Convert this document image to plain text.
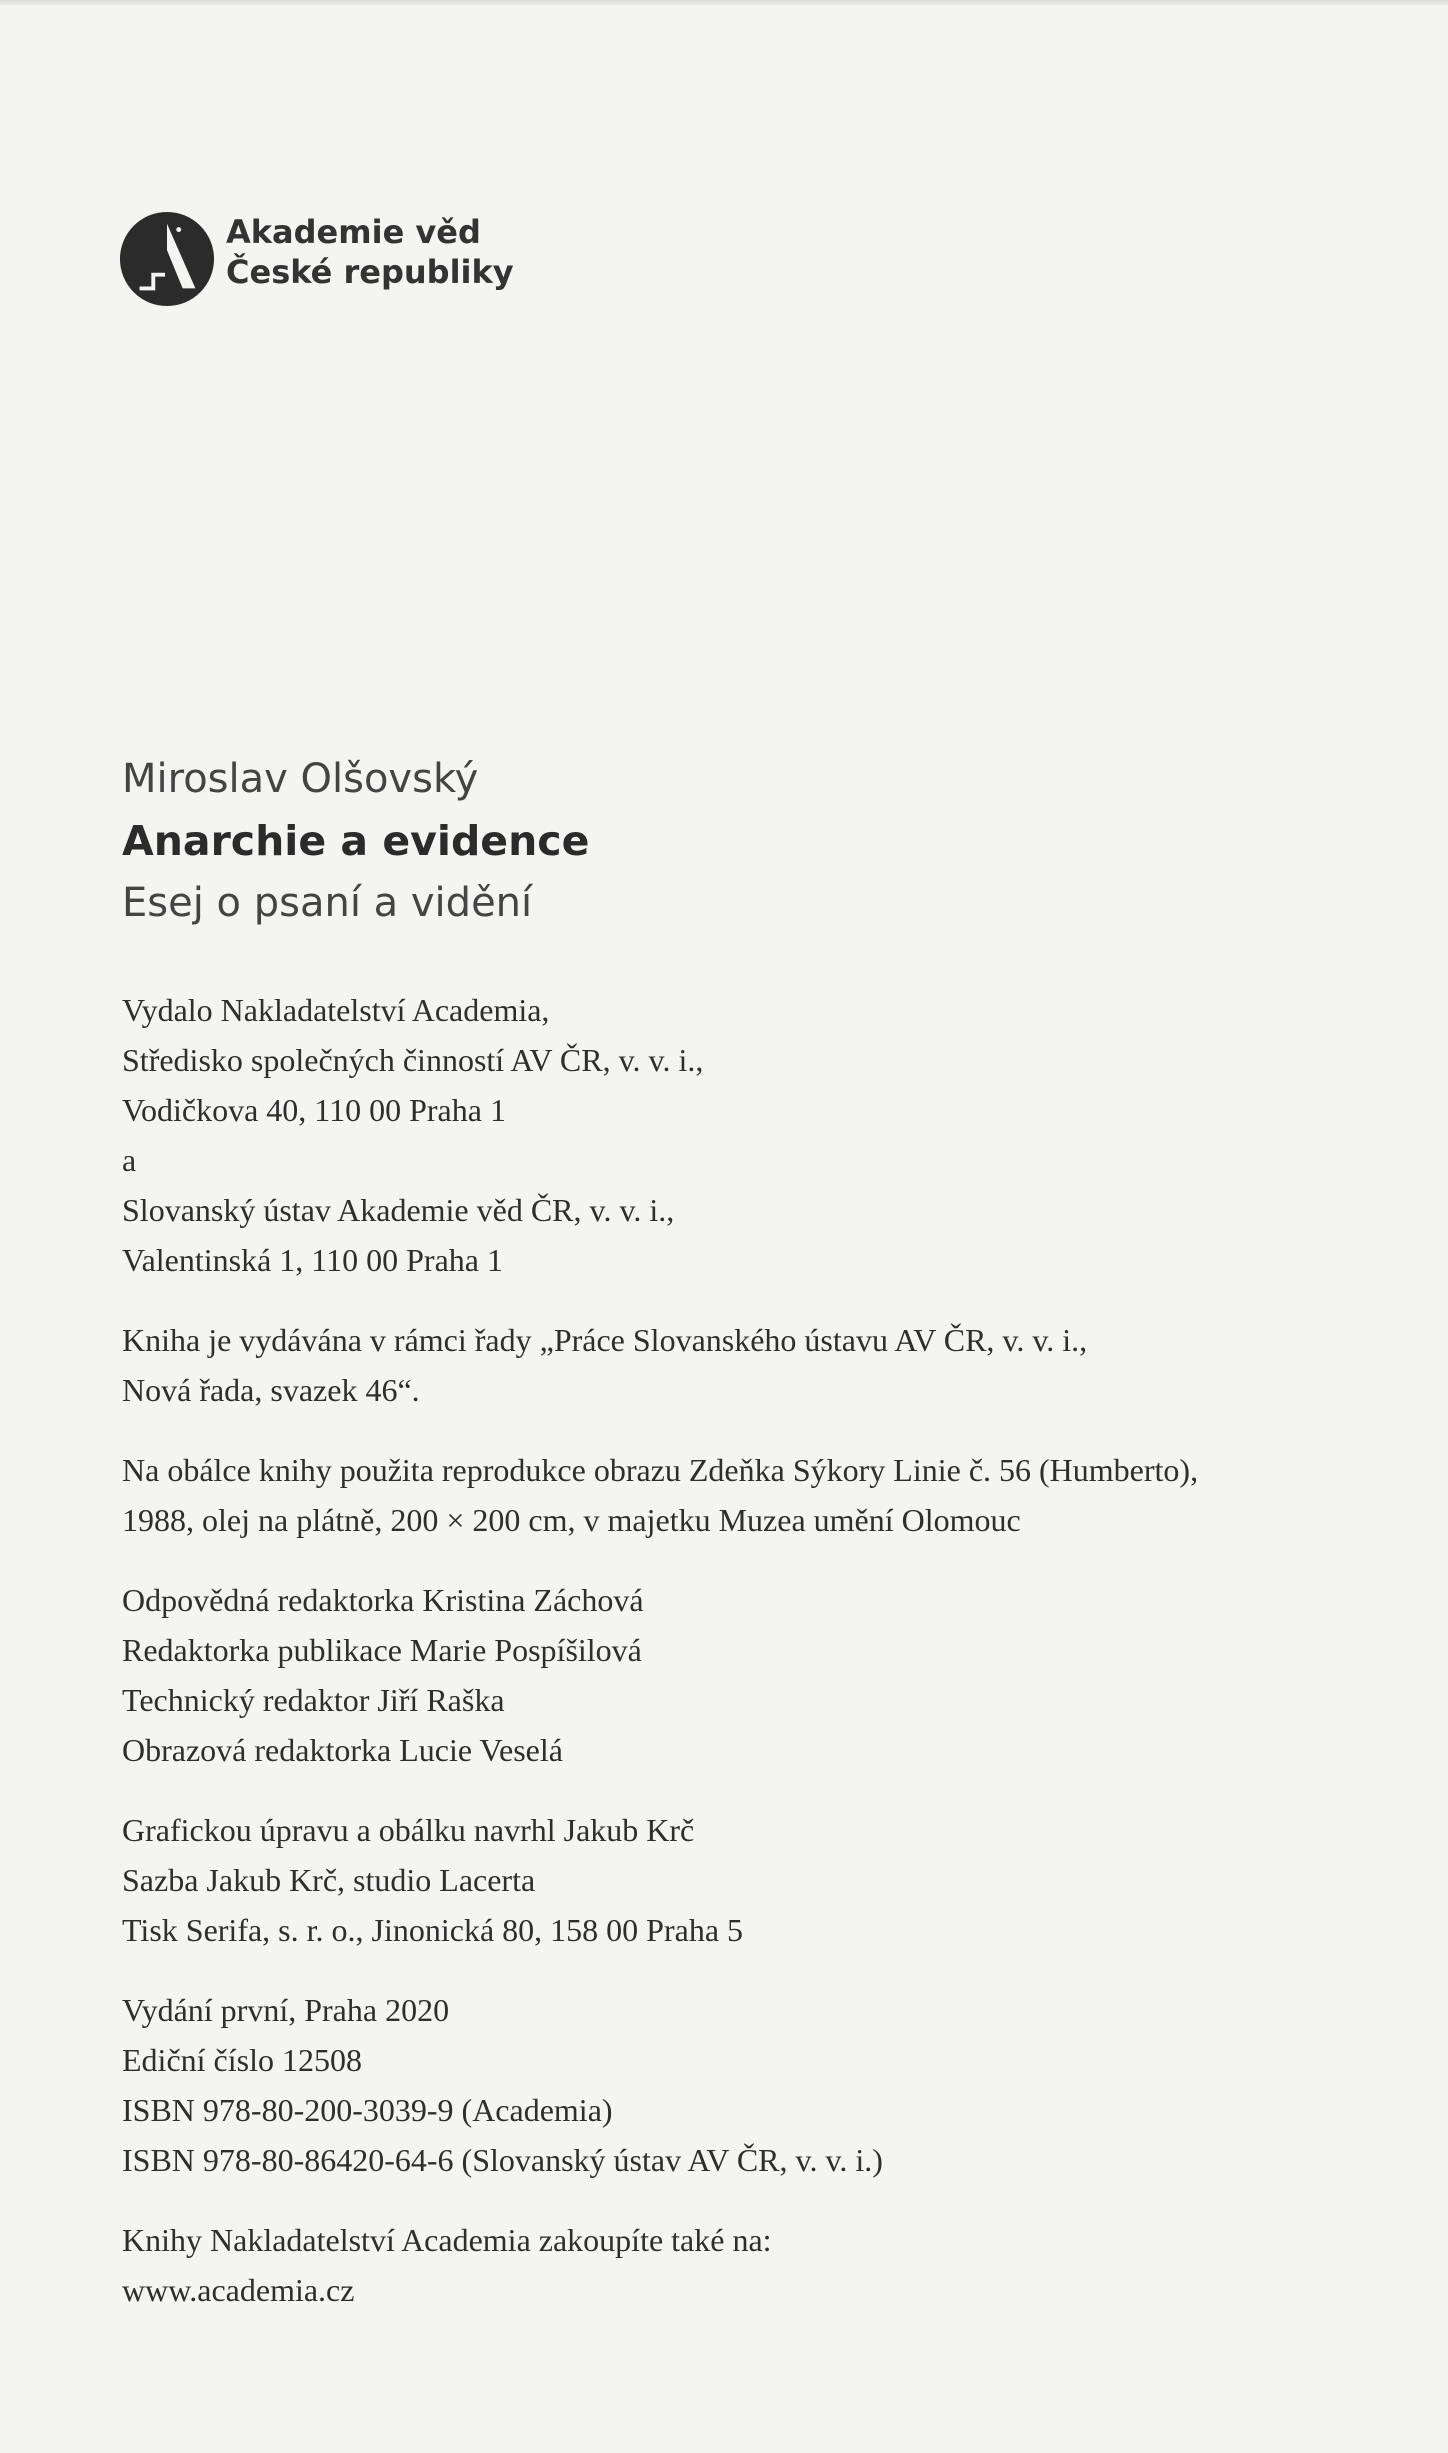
Akademie věd
České republiky
Miroslav Olšovský
Anarchie a evidence
Esej o psaní a vidění
Vydalo Nakladatelství Academia,
Středisko společných činností AV ČR, v. v. i.,
Vodičkova 40, 110 00 Praha 1
a
Slovanský ústav Akademie věd ČR, v. v. i.,
Valentinská 1, 110 00 Praha 1
Kniha je vydávána v rámci řady „Práce Slovanského ústavu AV ČR, v. v. i.,
Nová řada, svazek 46“.
Na obálce knihy použita reprodukce obrazu Zdeňka Sýkory Linie č. 56 (Humberto),
1988, olej na plátně, 200 × 200 cm, v majetku Muzea umění Olomouc
Odpovědná redaktorka Kristina Záchová
Redaktorka publikace Marie Pospíšilová
Technický redaktor Jiří Raška
Obrazová redaktorka Lucie Veselá
Grafickou úpravu a obálku navrhl Jakub Krč
Sazba Jakub Krč, studio Lacerta
Tisk Serifa, s. r. o., Jinonická 80, 158 00 Praha 5
Vydání první, Praha 2020
Ediční číslo 12508
ISBN 978-80-200-3039-9 (Academia)
ISBN 978-80-86420-64-6 (Slovanský ústav AV ČR, v. v. i.)
Knihy Nakladatelství Academia zakoupíte také na:
www.academia.cz
